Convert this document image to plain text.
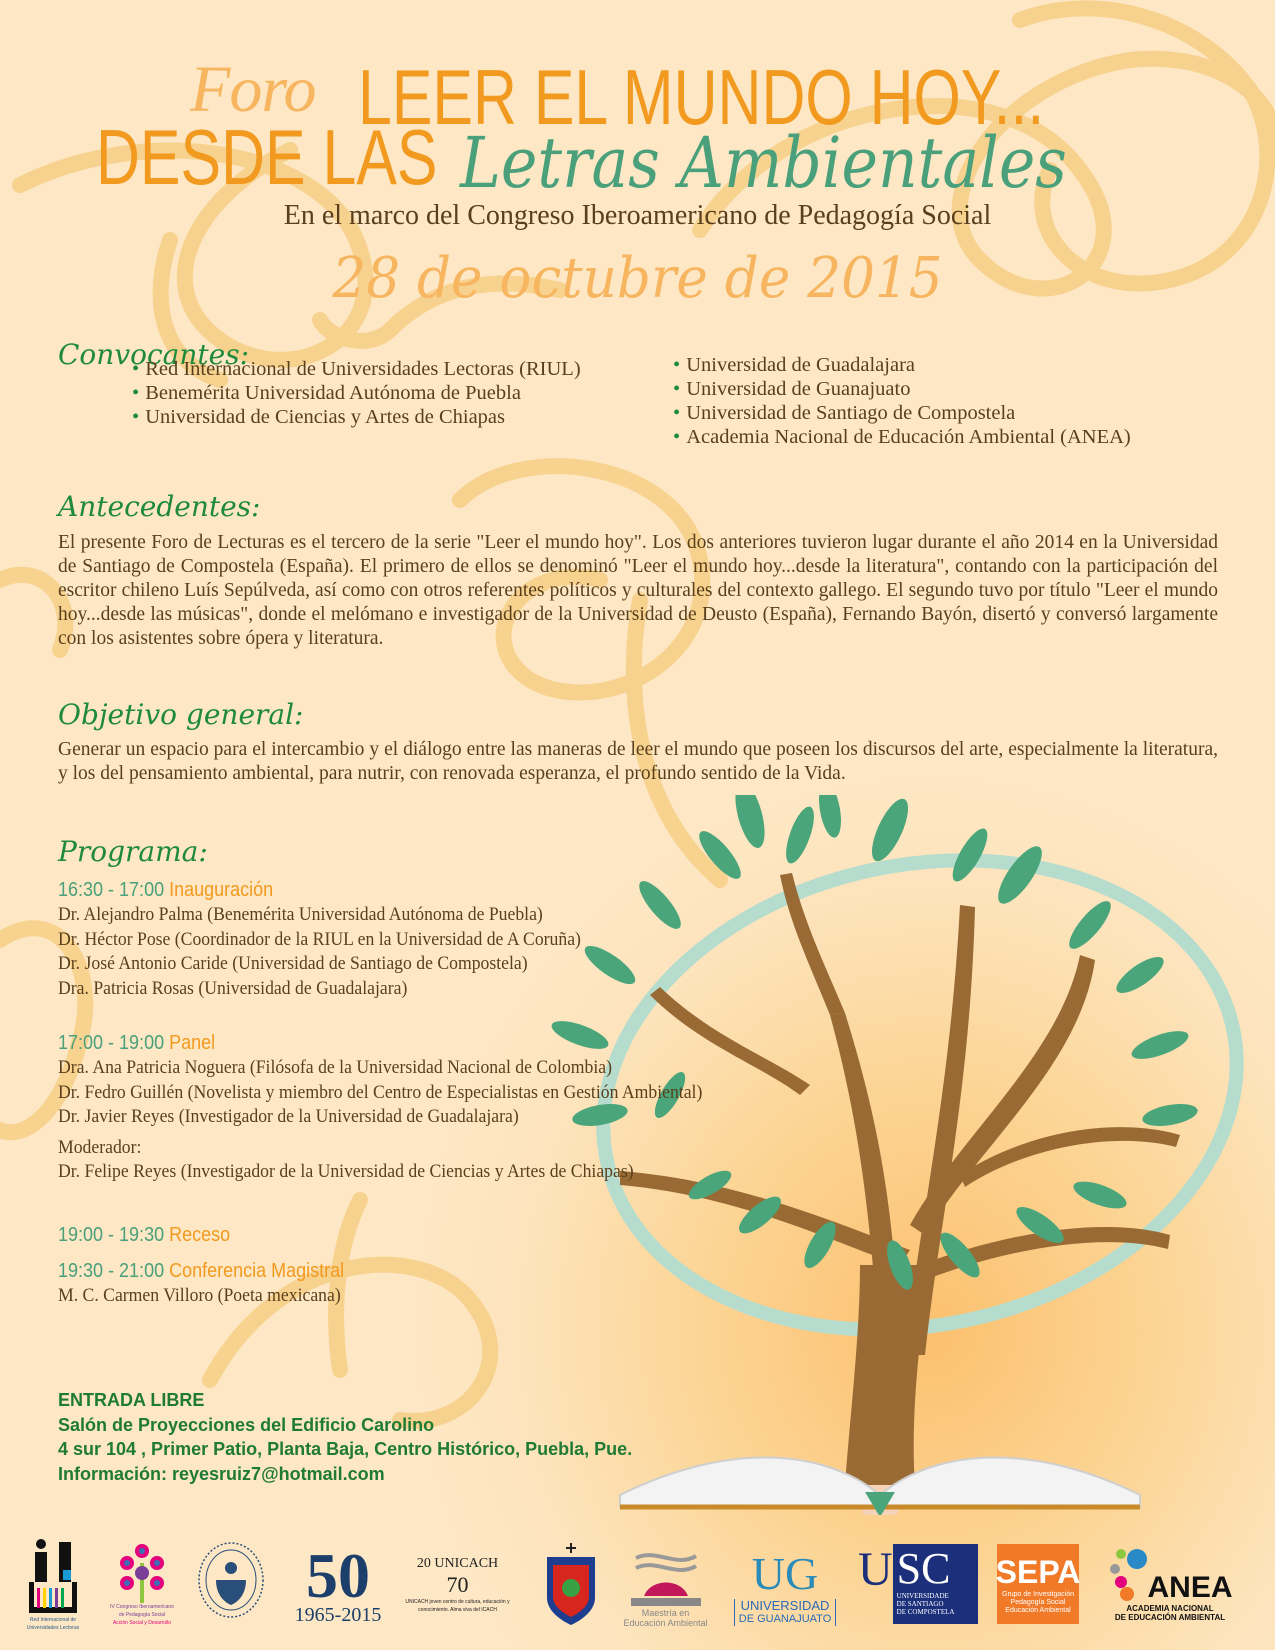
Foro LEER EL MUNDO HOY...
DESDE LAS Letras Ambientales
En el marco del Congreso Iberoamericano de Pedagogía Social
28 de octubre de 2015
Convocantes:
• Red Internacional de Universidades Lectoras (RIUL)
• Benemérita Universidad Autónoma de Puebla
• Universidad de Ciencias y Artes de Chiapas
• Universidad de Guadalajara
• Universidad de Guanajuato
• Universidad de Santiago de Compostela
• Academia Nacional de Educación Ambiental (ANEA)
Antecedentes:
El presente Foro de Lecturas es el tercero de la serie "Leer el mundo hoy". Los dos anteriores tuvieron lugar durante el año 2014 en la Universidad de Santiago de Compostela (España). El primero de ellos se denominó "Leer el mundo hoy...desde la literatura", contando con la participación del escritor chileno Luís Sepúlveda, así como con otros referentes políticos y culturales del contexto gallego. El segundo tuvo por título "Leer el mundo hoy...desde las músicas", donde el melómano e investigador de la Universidad de Deusto (España), Fernando Bayón, disertó y conversó largamente con los asistentes sobre ópera y literatura.
Objetivo general:
Generar un espacio para el intercambio y el diálogo entre las maneras de leer el mundo que poseen los discursos del arte, especialmente la literatura, y los del pensamiento ambiental, para nutrir, con renovada esperanza, el profundo sentido de la Vida.
Programa:
16:30 - 17:00 Inauguración
Dr. Alejandro Palma (Benemérita Universidad Autónoma de Puebla)
Dr. Héctor Pose (Coordinador de la RIUL en la Universidad de A Coruña)
Dr. José Antonio Caride (Universidad de Santiago de Compostela)
Dra. Patricia Rosas (Universidad de Guadalajara)
17:00 - 19:00 Panel
Dra. Ana Patricia Noguera (Filósofa de la Universidad Nacional de Colombia)
Dr. Fedro Guillén (Novelista y miembro del Centro de Especialistas en Gestión Ambiental)
Dr. Javier Reyes (Investigador de la Universidad de Guadalajara)
Moderador:
Dr. Felipe Reyes (Investigador de la Universidad de Ciencias y Artes de Chiapas)
19:00 - 19:30 Receso
19:30 - 21:00 Conferencia Magistral
M. C. Carmen Villoro (Poeta mexicana)
ENTRADA LIBRE
Salón de Proyecciones del Edificio Carolino
4 sur 104 , Primer Patio, Planta Baja, Centro Histórico, Puebla, Pue.
Información: reyesruiz7@hotmail.com
Red Internacional de Universidades Lectoras
IV Congreso Iberoamericano
de Pedagogía Social
Acción Social y Desarrollo
50
1965-2015
20 UNICACH
70
UNICACH joven centro de cultura, educación y conocimiento. Alma viva del ICACH	Maestría en
Educación Ambiental
UG
UNIVERSIDAD
DE GUANAJUATO
U SC
UNIVERSIDADE
DE SANTIAGO
DE COMPOSTELA
SEPA
Grupo de Investigación
Pedagogía Social
Educación Ambiental
ANEA
ACADEMIA NACIONAL
DE EDUCACIÓN AMBIENTAL
